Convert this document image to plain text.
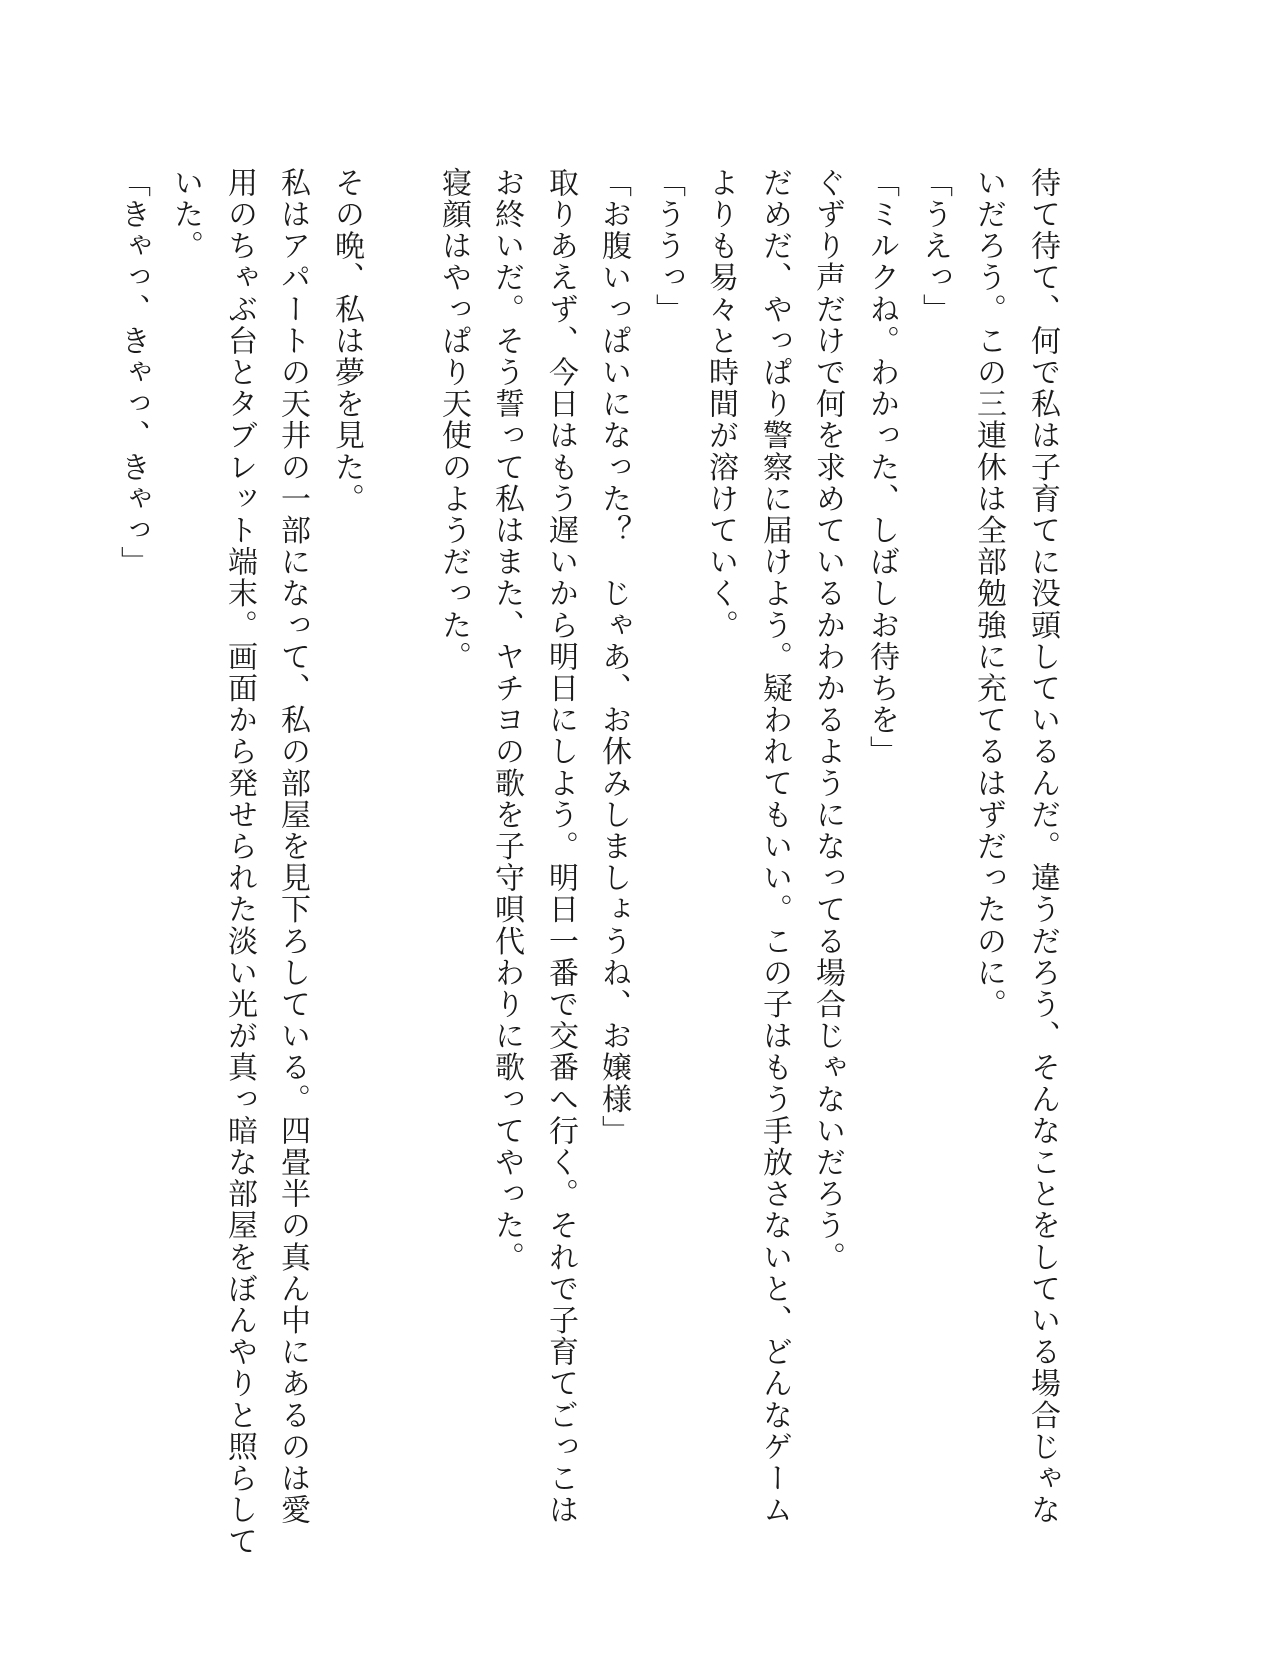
待て待て、何で私は子育てに没頭しているんだ。違うだろう、そんなことをしている場合じゃな
いだろう。この三連休は全部勉強に充てるはずだったのに。
「うえっ」
「ミルクね。わかった、しばしお待ちを」
ぐずり声だけで何を求めているかわかるようになってる場合じゃないだろう。
だめだ、やっぱり警察に届けよう。疑われてもいい。この子はもう手放さないと、どんなゲーム
よりも易々と時間が溶けていく。
「ううっ」
「お腹いっぱいになった？　じゃあ、お休みしましょうね、お嬢様」
取りあえず、今日はもう遅いから明日にしよう。明日一番で交番へ行く。それで子育てごっこは
お終いだ。そう誓って私はまた、ヤチヨの歌を子守唄代わりに歌ってやった。
寝顔はやっぱり天使のようだった。
その晩、私は夢を見た。
私はアパートの天井の一部になって、私の部屋を見下ろしている。四畳半の真ん中にあるのは愛
用のちゃぶ台とタブレット端末。画面から発せられた淡い光が真っ暗な部屋をぼんやりと照らして
いた。
「きゃっ、きゃっ、きゃっ」
